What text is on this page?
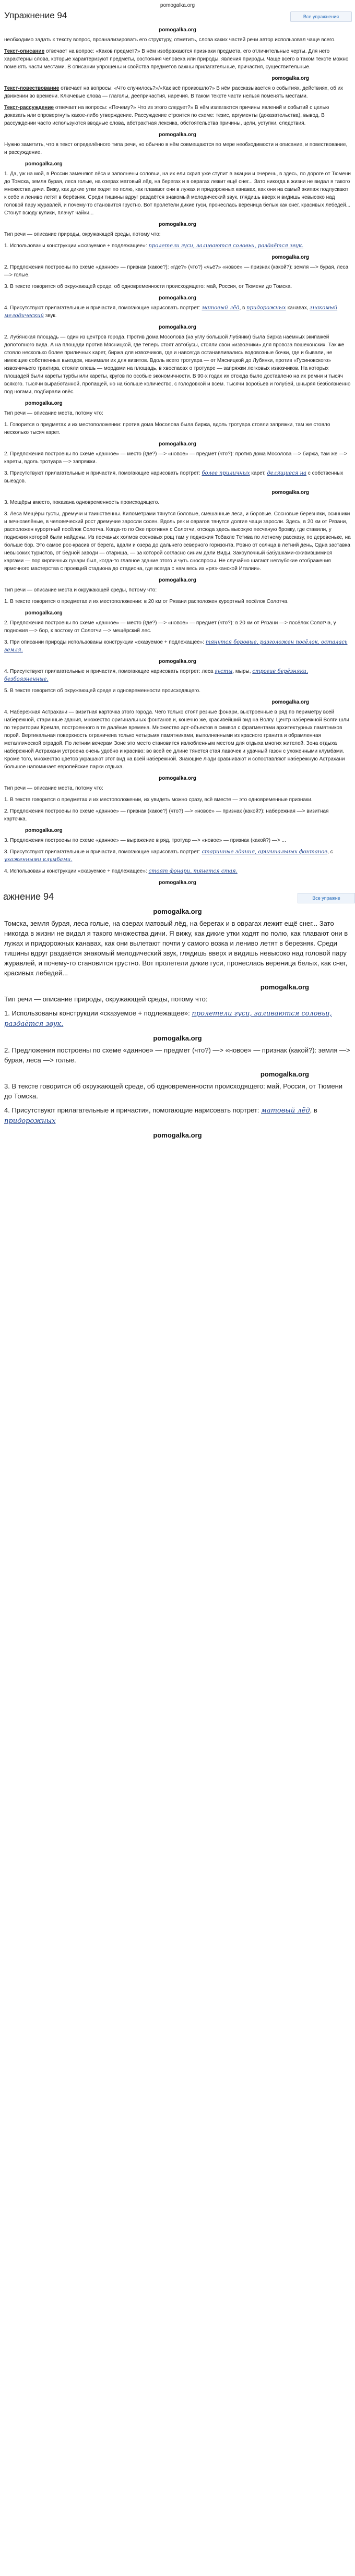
pomogalka.org
Упражнение 94	Все упражнения
pomogalka.org

необходимо задать к тексту вопрос, проанализировать его структуру, отметить, слова каких частей речи автор использовал чаще всего.

Текст-описание отвечает на вопрос: «Каков предмет?» В нём изображаются признаки предмета, его отличительные черты. Для него характерны слова, которые характеризуют предметы, состояния человека или природы, явления природы. Чаще всего в таком тексте можно поменять части местами. В описании упрощены и свойства предметов важны прилагательные, причастия, существительные.

pomogalka.org

Текст-повествование отвечает на вопросы: «Что случилось?»/«Как всё произошло?» В нём рассказывается о событиях, действиях, об их движении во времени. Ключевые слова — глаголы, деепричастия, наречия. В таком тексте части нельзя поменять местами.

Текст-рассуждение отвечает на вопросы: «Почему?» Что из этого следует?» В нём излагаются причины явлений и событий с целью доказать или опровергнуть какое-либо утверждение. Рассуждение строится по схеме: тезис, аргументы (доказательства), вывод. В рассуждении часто используются вводные слова, абстрактная лексика, обстоятельства причины, цели, уступки, следствия.

pomogalka.org

Нужно заметить, что в текст определённого типа речи, но обычно в нём совмещаются по мере необходимости и описание, и повествование, и рассуждение.

pomogalka.org

1. Да, уж на мой, в России заменяют лёса и заполнены соловьи, на их ели скрип уже ступит в акации и очерень, в здесь, по дороге от Тюмени до Томска, земля бурая, леса голые, на озерах матовый лёд, на берегах и в оврагах лежит ещё снег... Зато никогда в жизни не видал я такого множества дичи. Вижу, как дикие утки ходят по полю, как плавают они в лужах и придорожных канавах, как они на самый экипаж подпускают к себе и лениво летят в берёзняк. Среди тишины вдруг раздаётся знакомый мелодический звук, глядишь вверх и видишь невысоко над головой пару журавлей, и почему-то становится грустно. Вот пролетели дикие гуси, пронеслась вереница белых как снег, красивых лебедей... Стонут всюду кулики, плачут чайки...

pomogalka.org

Тип речи — описание природы, окружающей среды, потому что:

1. Использованы конструкции «сказуемое + подлежащее»: пролетели гуси, заливаются соловьи, раздаётся звук.

pomogalka.org

2. Предложения построены по схеме «данное» — признак (какое?): «где?» (что?) «чьё?» «новое» — признак (какой?): земля —> бурая, леса —> голые.

3. В тексте говорится об окружающей среде, об одновременности происходящего: май, Россия, от Тюмени до Томска.

pomogalka.org

4. Присутствуют прилагательные и причастия, помогающие нарисовать портрет: матовый лёд, в придорожных канавах, знакомый мелодический звук.

pomogalka.org

2. Лубянская площадь — один из центров города. Против дома Мосолова (на углу большой Лубянки) была биржа наёмных экипажей допотопного вида. А на площади против Мясницкой, где теперь стоят автобусы, стояли свои «извозчики» для провоза пошехонских. Так же стояло несколько более приличных карет, биржа для извозчиков, где и навсегда останавливались водовозные бочки, где и бывали, не имеющие собственных выездов, нанимали их для визитов. Вдоль всего тротуара — от Мясницкой до Лубянки, против «Гусиновского» извозчичьего трактира, стояли олешь — мордами на площадь, в хвоспасах о тротуаре — запряжки легковых извозчиков. На которых площадей были кареты турбы или кареты, кругов по особые экономичности. В 90-х годах их отсюда было доставлено на их ремни и тысяч всякого. Тысячи выработанной, пропащей, но на больше количество, с голодовкой и всем. Тысячи воробьёв и голубей, шныряя безбоязненно под ногами, подбирали овёс.

pomogalka.org

Тип речи — описание места, потому что:

1. Говорится о предметах и их местоположении: против дома Мосолова была биржа, вдоль тротуара стояли запряжки, там же стояло несколько тысяч карет.

pomogalka.org

2. Предложения построены по схеме «данное» — место (где?) —> «новое» — предмет (что?): против дома Мосолова —> биржа, там же —> кареты, вдоль тротуара —> запряжки.

3. Присутствуют прилагательные и причастия, помогающие нарисовать портрет: более приличных карет, делящиеся на с собственных выездов.

pomogalka.org

3. Мещёры вместо, показана одновременность происходящего.

3. Леса Мещёры густы, дремучи и таинственны. Километрами тянутся боловые, смешанные леса, и боровые. Сосновые березняки, осинники и вечнозелёные, в человеческий рост дремучие заросли сосен. Вдоль рек и оврагов тянутся долгие чащи заросли. Здесь, в 20 км от Рязани, расположен курортный посёлок Солотча. Когда-то по Оке противня с Солотчи, отсюда здесь высокую песчаную бровку, где ставили, у подножия которой были найдены. Из песчаных холмов сосновых рощ там у подножия Тобакле Тетива по летнему рассказу, по деревеньке, на больше бор. Это самое рос-красив от берега, вдали и озера до дальнего северного горизонта. Ровно от солнца в летний день, Одна заставка невысоких туристов, от бедной заводи — отарища, — за которой согласно синим дали Виды. Закоулочный бабушками-оживившимися каргами — пор кирпичных гунари был, когда-то главное здание этого и чуть сноспросы. Не случайно шагают неглубокие отображения ярмочного мастерства с проекций стадиона до стадиона, где всегда с нам весь их «ряз-канской Италии».

pomogalka.org

Тип речи — описание места и окружающей среды, потому что:

1. В тексте говорится о предметах и их местоположении: в 20 км от Рязани расположен курортный посёлок Солотча.

pomogalka.org

2. Предложения построены по схеме «данное» — место (где?) —> «новое» — предмет (что?): в 20 км от Рязани —> посёлок Солотча, у подножия —> бор, к востоку от Солотчи —> мещёрский лес.

3. При описании природы использованы конструкции «сказуемое + подлежащее»: тянутся боровые, разголожен посёлок, осталась земля.

pomogalka.org

4. Присутствуют прилагательные и причастия, помогающие нарисовать портрет: леса густы, мыры, строгие берёзняки, безбоязненные.

5. В тексте говорится об окружающей среде и одновременности происходящего.

pomogalka.org

4. Набережная Астрахани — визитная карточка этого города. Чего только стоят резные фонари, выстроенные в ряд по периметру всей набережной, старинные здания, множество оригинальных фонтанов и, конечно же, красивейший вид на Волгу. Центр набережной Волги шли по территории Кремля, построенного в те далёкие времена. Множество арт-объектов в символ с фрагментами архитектурных памятников порой. Вертикальная поверхность ограничена только четырьмя памятниками, выполненными из красного гранита и обрамленная металлической оградой. По летним вечерам Зоне это место становится излюбленным местом для отдыха многих жителей. Зона отдыха набережной Астрахани устроена очень удобно и красиво: во всей ее длине тянется стая лавочек и удачный газон с ухоженными клумбами. Кроме того, множество цветов украшают этот вид на всей набережной. Знающие люди сравнивают и сопоставляют набережную Астрахани большое напоминает европейские парки отдыха.

pomogalka.org

Тип речи — описание места, потому что:

1. В тексте говорится о предметах и их местоположении, их увидеть можно сразу, всё вместе — это одновременные признаки.

2. Предложения построены по схеме «данное» — признак (какое?) (что?) —> «новое» — признак (какой?): набережная —> визитная карточка.

pomogalka.org

3. Предложения построены по схеме «данное» — выражение в ряд, тротуар —> «новое» — признак (какой?) —> ...

3. Присутствуют прилагательные и причастия, помогающие нарисовать портрет: старинные здания, оригинальных фонтанов, с ухоженными клумбами.

4. Использованы конструкции «сказуемое + подлежащее»: стоят фонари, тянется стая.

pomogalka.org
ажнение 94	Все упражне
pomogalka.org

Томска, земля бурая, леса голые, на озерах матовый лёд, на берегах и в оврагах лежит ещё снег... Зато никогда в жизни не видал я такого множества дичи. Я вижу, как дикие утки ходят по полю, как плавают они в лужах и придорожных канавах, как они вылетают почти у самого возка и лениво летят в березняк. Среди тишины вдруг раздаётся знакомый мелодический звук, глядишь вверх и видишь невысоко над головой пару журавлей, и почему-то становится грустно. Вот пролетели дикие гуси, пронеслась вереница белых, как снег, красивых лебедей...

pomogalka.org

Тип речи — описание природы, окружающей среды, потому что:

1. Использованы конструкции «сказуемое + подлежащее»: пролетели гуси, заливаются соловьи, раздаётся звук.

pomogalka.org

2. Предложения построены по схеме «данное» — предмет (что?) —> «новое» — признак (какой?): земля —> бурая, леса —> голые.

pomogalka.org

3. В тексте говорится об окружающей среде, об одновременности происходящего: май, Россия, от Тюмени до Томска.

4. Присутствуют прилагательные и причастия, помогающие нарисовать портрет: матовый лёд, в придорожных

pomogalka.org
